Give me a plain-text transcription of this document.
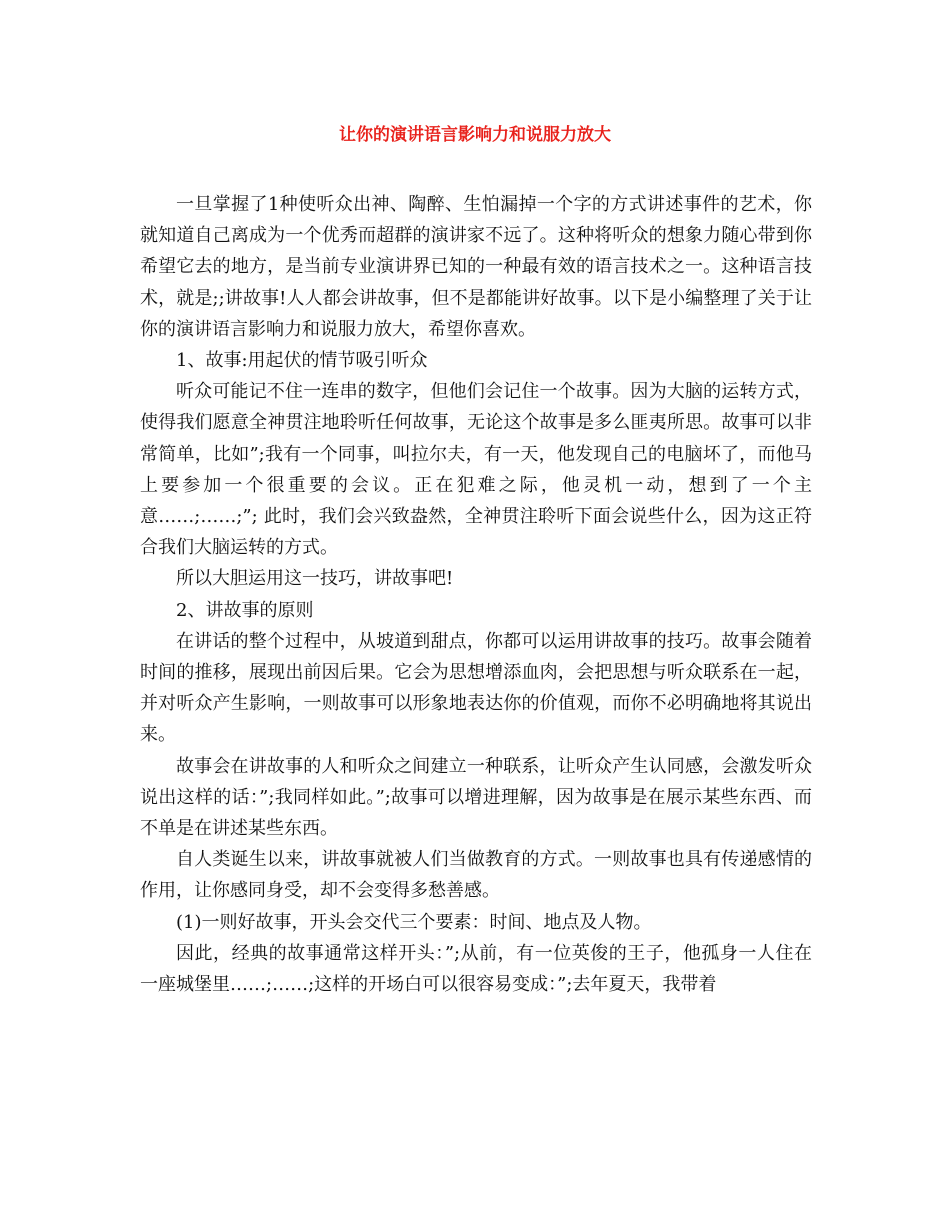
让你的演讲语言影响力和说服力放大

一旦掌握了1种使听众出神、陶醉、生怕漏掉一个字的方式讲述事件的艺术，你就知道自己离成为一个优秀而超群的演讲家不远了。这种将听众的想象力随心带到你希望它去的地方，是当前专业演讲界已知的一种最有效的语言技术之一。这种语言技术，就是;;讲故事!人人都会讲故事，但不是都能讲好故事。以下是小编整理了关于让你的演讲语言影响力和说服力放大，希望你喜欢。

1、故事:用起伏的情节吸引听众

听众可能记不住一连串的数字，但他们会记住一个故事。因为大脑的运转方式，使得我们愿意全神贯注地聆听任何故事，无论这个故事是多么匪夷所思。故事可以非常简单，比如”;我有一个同事，叫拉尔夫，有一天，他发现自己的电脑坏了，而他马上要参加一个很重要的会议。正在犯难之际，他灵机一动，想到了一个主意……;……;”; 此时，我们会兴致盎然，全神贯注聆听下面会说些什么，因为这正符合我们大脑运转的方式。

所以大胆运用这一技巧，讲故事吧!

2、讲故事的原则

在讲话的整个过程中，从坡道到甜点，你都可以运用讲故事的技巧。故事会随着时间的推移，展现出前因后果。它会为思想增添血肉，会把思想与听众联系在一起，并对听众产生影响，一则故事可以形象地表达你的价值观，而你不必明确地将其说出来。

故事会在讲故事的人和听众之间建立一种联系，让听众产生认同感，会激发听众说出这样的话：”;我同样如此。”;故事可以增进理解，因为故事是在展示某些东西、而不单是在讲述某些东西。

自人类诞生以来，讲故事就被人们当做教育的方式。一则故事也具有传递感情的作用，让你感同身受，却不会变得多愁善感。

(1)一则好故事，开头会交代三个要素：时间、地点及人物。

因此，经典的故事通常这样开头：”;从前，有一位英俊的王子，他孤身一人住在一座城堡里……;……;这样的开场白可以很容易变成：”;去年夏天，我带着
